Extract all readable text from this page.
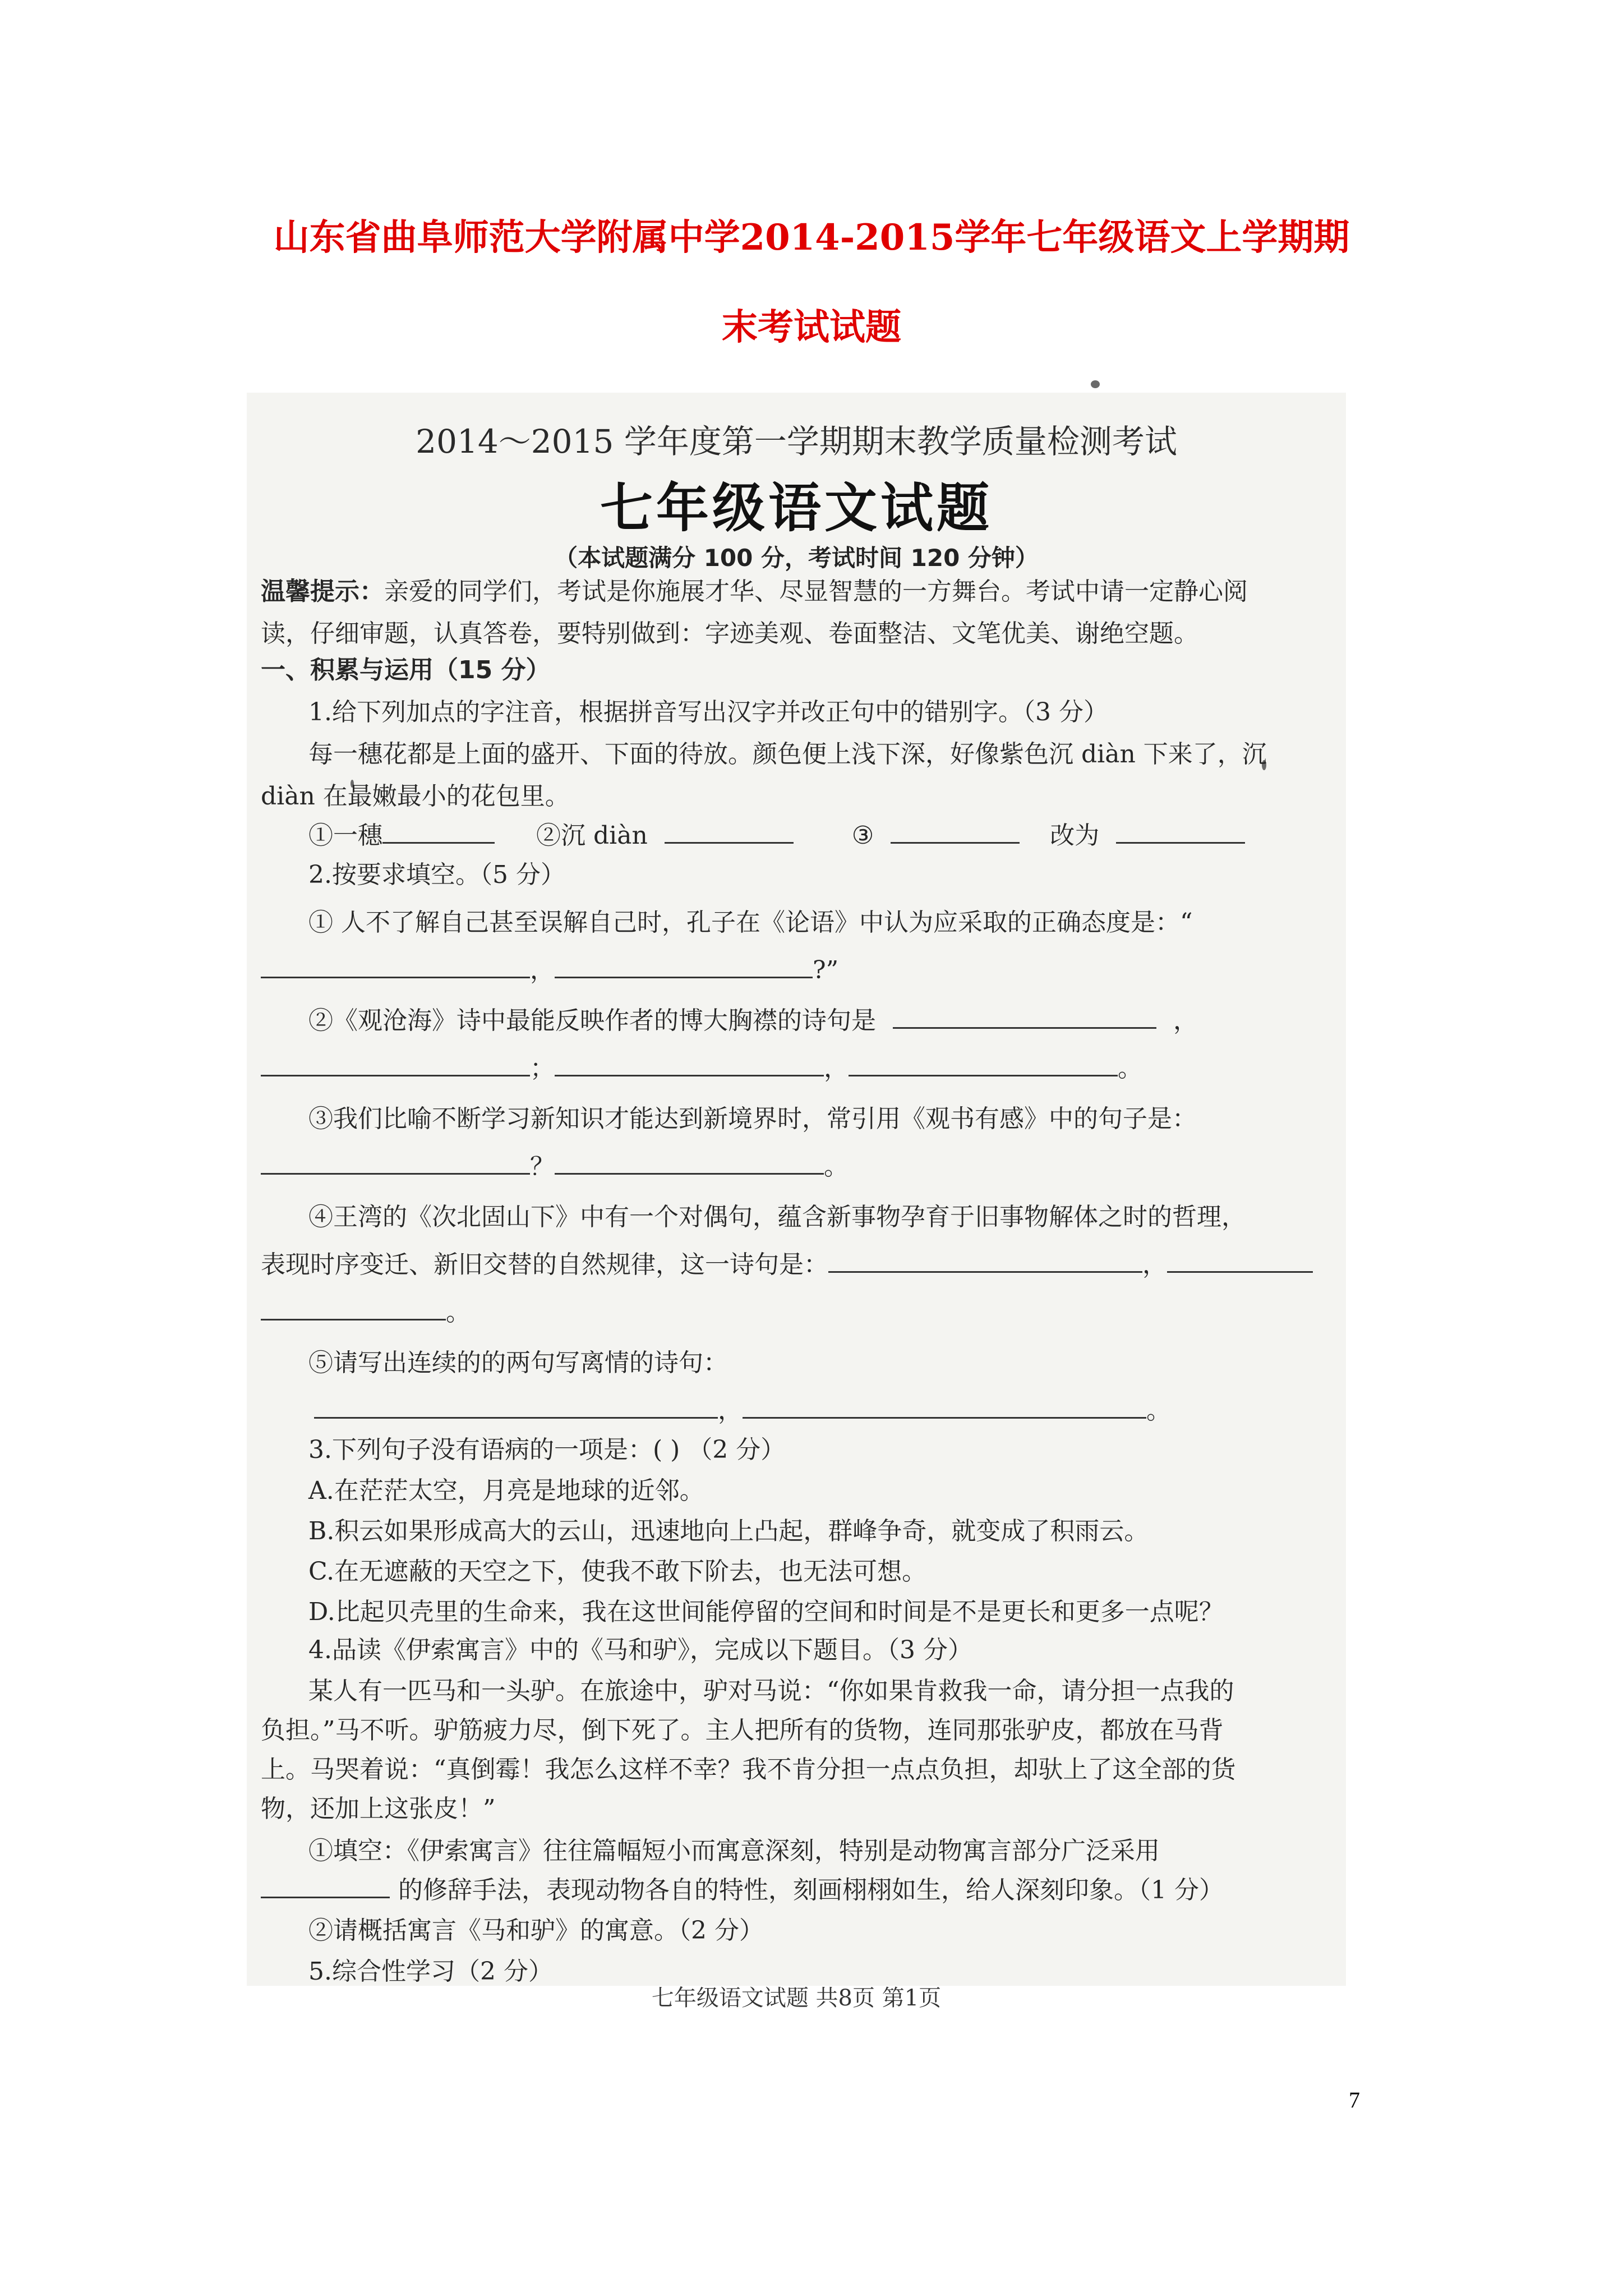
山东省曲阜师范大学附属中学2014-2015学年七年级语文上学期期
末考试试题
2014～2015 学年度第一学期期末教学质量检测考试
七年级语文试题
（本试题满分 100 分，考试时间 120 分钟）
温馨提示：亲爱的同学们，考试是你施展才华、尽显智慧的一方舞台。考试中请一定静心阅
读，仔细审题，认真答卷，要特别做到：字迹美观、卷面整洁、文笔优美、谢绝空题。
一、积累与运用（15 分）
1.给下列加点的字注音，根据拼音写出汉字并改正句中的错别字。（3 分）
每一穗花都是上面的盛开、下面的待放。颜色便上浅下深，好像紫色沉 diàn 下来了，沉
diàn 在最嫩最小的花包里。
①一穗	②沉 diàn	③	改为
2.按要求填空。（5 分）
① 人不了解自己甚至误解自己时，孔子在《论语》中认为应采取的正确态度是：“
，	?”
②《观沧海》诗中最能反映作者的博大胸襟的诗句是	，
；	，	。
③我们比喻不断学习新知识才能达到新境界时，常引用《观书有感》中的句子是：
？	。
④王湾的《次北固山下》中有一个对偶句，蕴含新事物孕育于旧事物解体之时的哲理，
表现时序变迁、新旧交替的自然规律，这一诗句是：	，
。
⑤请写出连续的的两句写离情的诗句：
，	。
3.下列句子没有语病的一项是：( ) （2 分）
A.在茫茫太空，月亮是地球的近邻。
B.积云如果形成高大的云山，迅速地向上凸起，群峰争奇，就变成了积雨云。
C.在无遮蔽的天空之下，使我不敢下阶去，也无法可想。
D.比起贝壳里的生命来，我在这世间能停留的空间和时间是不是更长和更多一点呢？
4.品读《伊索寓言》中的《马和驴》，完成以下题目。（3 分）
某人有一匹马和一头驴。在旅途中，驴对马说：“你如果肯救我一命，请分担一点我的
负担。”马不听。驴筋疲力尽，倒下死了。主人把所有的货物，连同那张驴皮，都放在马背
上。马哭着说：“真倒霉！我怎么这样不幸？我不肯分担一点点负担，却驮上了这全部的货
物，还加上这张皮！”
①填空：《伊索寓言》往往篇幅短小而寓意深刻，特别是动物寓言部分广泛采用
的修辞手法，表现动物各自的特性，刻画栩栩如生，给人深刻印象。（1 分）
②请概括寓言《马和驴》的寓意。（2 分）
5.综合性学习（2 分）
七年级语文试题 共8页 第1页
7
